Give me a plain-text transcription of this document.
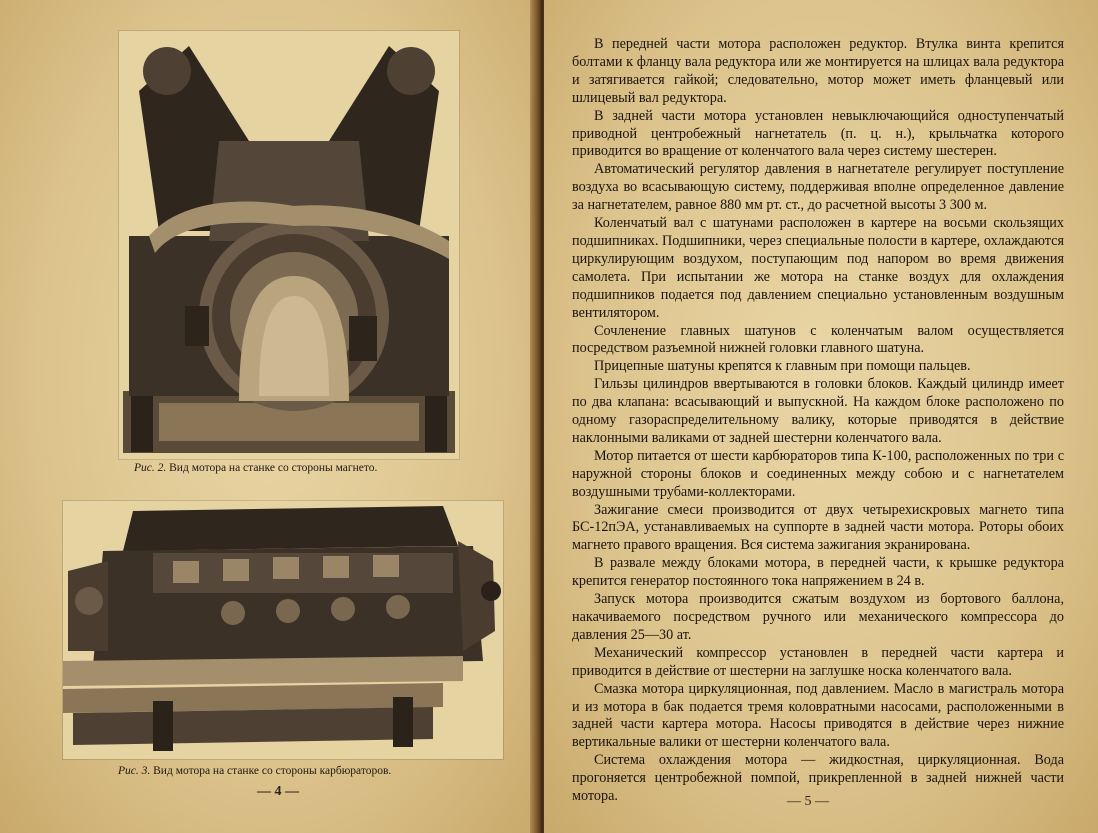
Рис. 2. Вид мотора на станке со стороны магнето.
Рис. 3. Вид мотора на станке со стороны карбюраторов.
— 4 —

В передней части мотора расположен редуктор. Втулка винта крепится болтами к фланцу вала редуктора или же монтируется на шлицах вала редуктора и затягивается гайкой; следовательно, мотор может иметь фланцевый или шлицевый вал редуктора.

В задней части мотора установлен невыключающийся одноступенчатый приводной центробежный нагнетатель (п. ц. н.), крыльчатка которого приводится во вращение от коленчатого вала через систему шестерен.

Автоматический регулятор давления в нагнетателе регулирует поступление воздуха во всасывающую систему, поддерживая вполне определенное давление за нагнетателем, равное 880 мм рт. ст., до расчетной высоты 3 300 м.

Коленчатый вал с шатунами расположен в картере на восьми скользящих подшипниках. Подшипники, через специальные полости в картере, охлаждаются циркулирующим воздухом, поступающим под напором во время движения самолета. При испытании же мотора на станке воздух для охлаждения подшипников подается под давлением специально установленным воздушным вентилятором.

Сочленение главных шатунов с коленчатым валом осуществляется посредством разъемной нижней головки главного шатуна.

Прицепные шатуны крепятся к главным при помощи пальцев.

Гильзы цилиндров ввертываются в головки блоков. Каждый цилиндр имеет по два клапана: всасывающий и выпускной. На каждом блоке расположено по одному газораспределительному валику, которые приводятся в действие наклонными валиками от задней шестерни коленчатого вала.

Мотор питается от шести карбюраторов типа К-100, расположенных по три с наружной стороны блоков и соединенных между собою и с нагнетателем воздушными трубами-коллекторами.

Зажигание смеси производится от двух четырехискровых магнето типа БС-12пЭА, устанавливаемых на суппорте в задней части мотора. Роторы обоих магнето правого вращения. Вся система зажигания экранирована.

В развале между блоками мотора, в передней части, к крышке редуктора крепится генератор постоянного тока напряжением в 24 в.

Запуск мотора производится сжатым воздухом из бортового баллона, накачиваемого посредством ручного или механического компрессора до давления 25—30 ат.

Механический компрессор установлен в передней части картера и приводится в действие от шестерни на заглушке носка коленчатого вала.

Смазка мотора циркуляционная, под давлением. Масло в магистраль мотора и из мотора в бак подается тремя коловратными насосами, расположенными в задней части картера мотора. Насосы приводятся в действие через нижние вертикальные валики от шестерни коленчатого вала.

Система охлаждения мотора — жидкостная, циркуляционная. Вода прогоняется центробежной помпой, прикрепленной в задней нижней части мотора.	— 5 —
